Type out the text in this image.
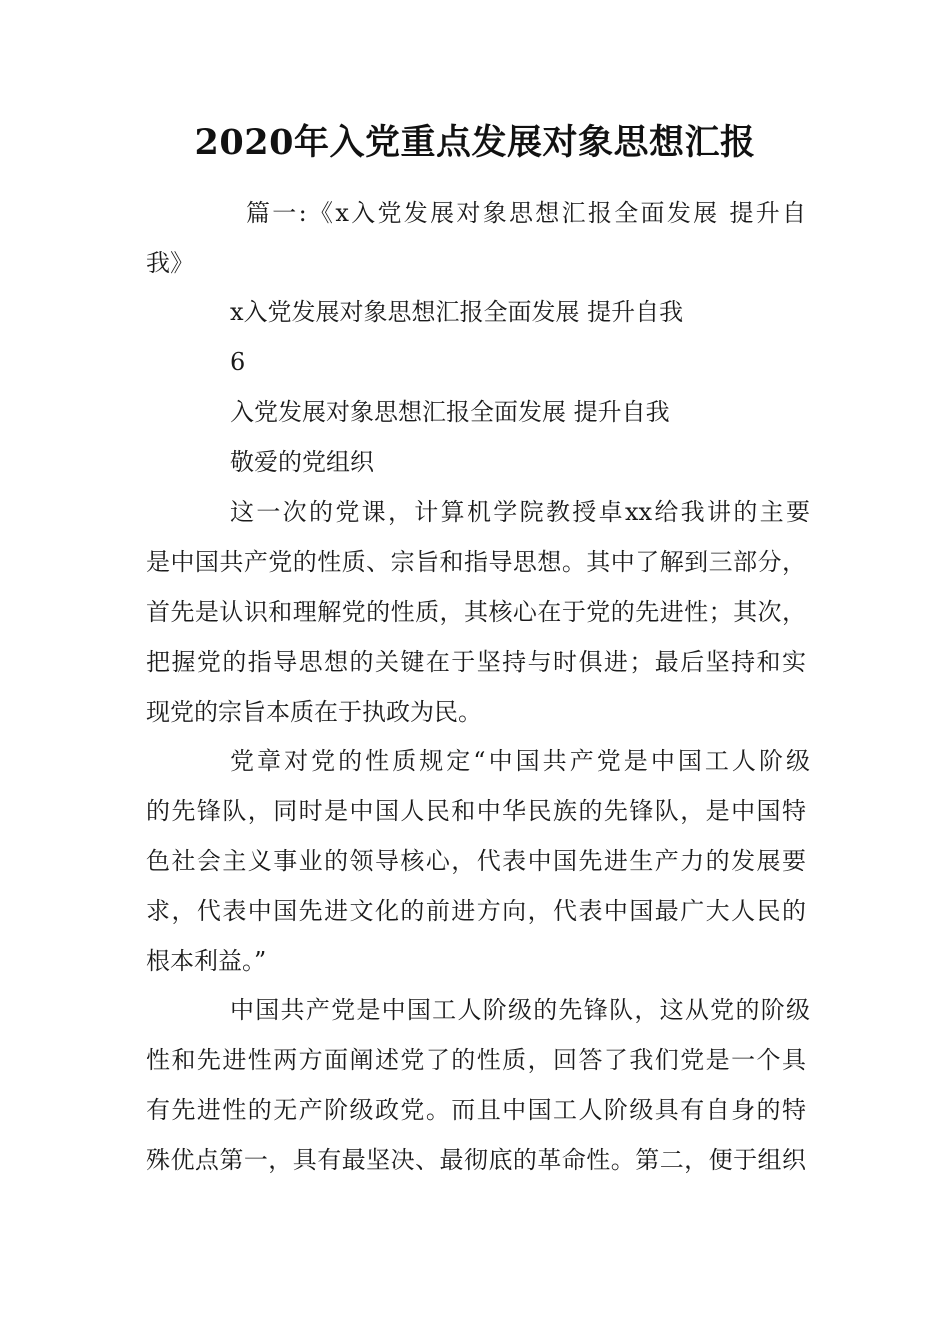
2020年入党重点发展对象思想汇报

篇一:《x入党发展对象思想汇报全面发展 提升自

我》

x入党发展对象思想汇报全面发展 提升自我

6

入党发展对象思想汇报全面发展 提升自我

敬爱的党组织

这一次的党课，计算机学院教授卓xx给我讲的主要

是中国共产党的性质、宗旨和指导思想。其中了解到三部分，

首先是认识和理解党的性质，其核心在于党的先进性；其次，

把握党的指导思想的关键在于坚持与时俱进；最后坚持和实

现党的宗旨本质在于执政为民。

党章对党的性质规定“中国共产党是中国工人阶级

的先锋队，同时是中国人民和中华民族的先锋队，是中国特

色社会主义事业的领导核心，代表中国先进生产力的发展要

求，代表中国先进文化的前进方向，代表中国最广大人民的

根本利益。”

中国共产党是中国工人阶级的先锋队，这从党的阶级

性和先进性两方面阐述党了的性质，回答了我们党是一个具

有先进性的无产阶级政党。而且中国工人阶级具有自身的特

殊优点第一，具有最坚决、最彻底的革命性。第二，便于组织
